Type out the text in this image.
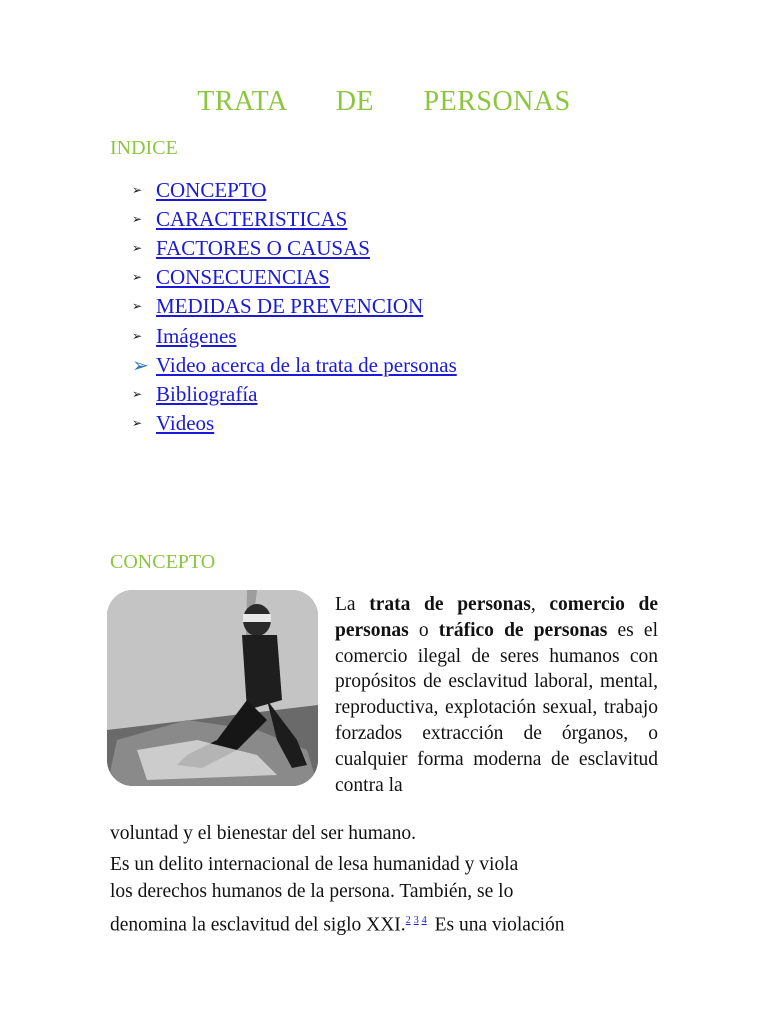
TRATA DE PERSONAS
INDICE
➢ CONCEPTO
➢ CARACTERISTICAS
➢ FACTORES O CAUSAS
➢ CONSECUENCIAS
➢ MEDIDAS DE PREVENCION
➢ Imágenes
➢ Video acerca de la trata de personas
➢ Bibliografía
➢ Videos
CONCEPTO
La trata de personas, comercio de personas o tráfico de personas es el comercio ilegal de seres humanos con propósitos de esclavitud laboral, mental, reproductiva, explotación sexual, trabajo forzados extracción de órganos, o cualquier forma moderna de esclavitud contra la
voluntad y el bienestar del ser humano.
Es un delito internacional de lesa humanidad y viola
los derechos humanos de la persona. También, se lo
denomina la esclavitud del siglo XXI.$^{2 3 4}$ Es una violación
